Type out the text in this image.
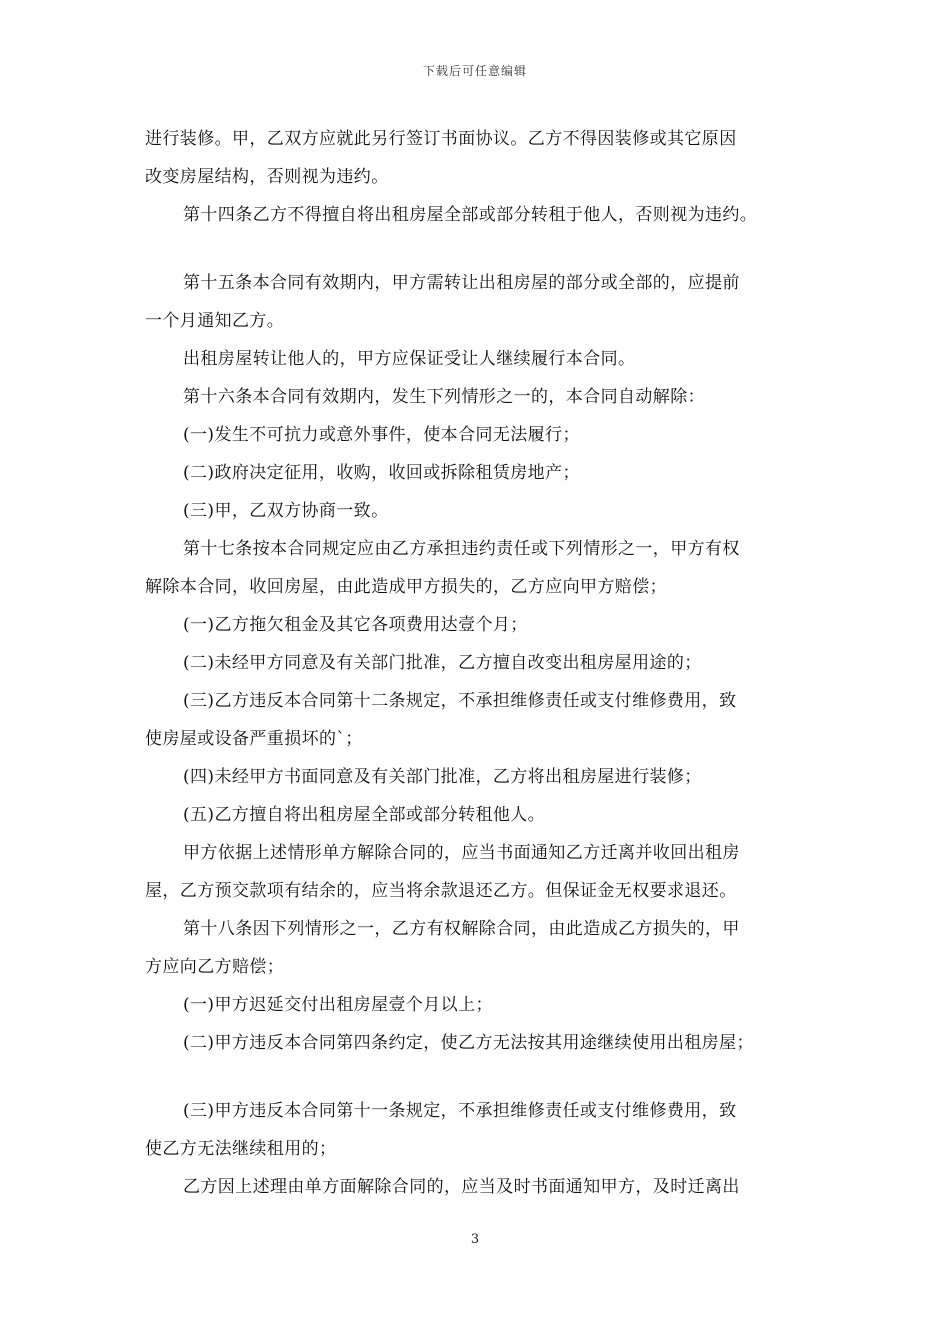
下载后可任意编辑
进行装修。甲，乙双方应就此另行签订书面协议。乙方不得因装修或其它原因
改变房屋结构，否则视为违约。
第十四条乙方不得擅自将出租房屋全部或部分转租于他人，否则视为违约。
第十五条本合同有效期内，甲方需转让出租房屋的部分或全部的，应提前
一个月通知乙方。
出租房屋转让他人的，甲方应保证受让人继续履行本合同。
第十六条本合同有效期内，发生下列情形之一的，本合同自动解除：
(一)发生不可抗力或意外事件，使本合同无法履行；
(二)政府决定征用，收购，收回或拆除租赁房地产；
(三)甲，乙双方协商一致。
第十七条按本合同规定应由乙方承担违约责任或下列情形之一，甲方有权
解除本合同，收回房屋，由此造成甲方损失的，乙方应向甲方赔偿；
(一)乙方拖欠租金及其它各项费用达壹个月；
(二)未经甲方同意及有关部门批准，乙方擅自改变出租房屋用途的；
(三)乙方违反本合同第十二条规定，不承担维修责任或支付维修费用，致
使房屋或设备严重损坏的`；
(四)未经甲方书面同意及有关部门批准，乙方将出租房屋进行装修；
(五)乙方擅自将出租房屋全部或部分转租他人。
甲方依据上述情形单方解除合同的，应当书面通知乙方迁离并收回出租房
屋，乙方预交款项有结余的，应当将余款退还乙方。但保证金无权要求退还。
第十八条因下列情形之一，乙方有权解除合同，由此造成乙方损失的，甲
方应向乙方赔偿；
(一)甲方迟延交付出租房屋壹个月以上；
(二)甲方违反本合同第四条约定，使乙方无法按其用途继续使用出租房屋；
(三)甲方违反本合同第十一条规定，不承担维修责任或支付维修费用，致
使乙方无法继续租用的；
乙方因上述理由单方面解除合同的，应当及时书面通知甲方，及时迁离出
3
